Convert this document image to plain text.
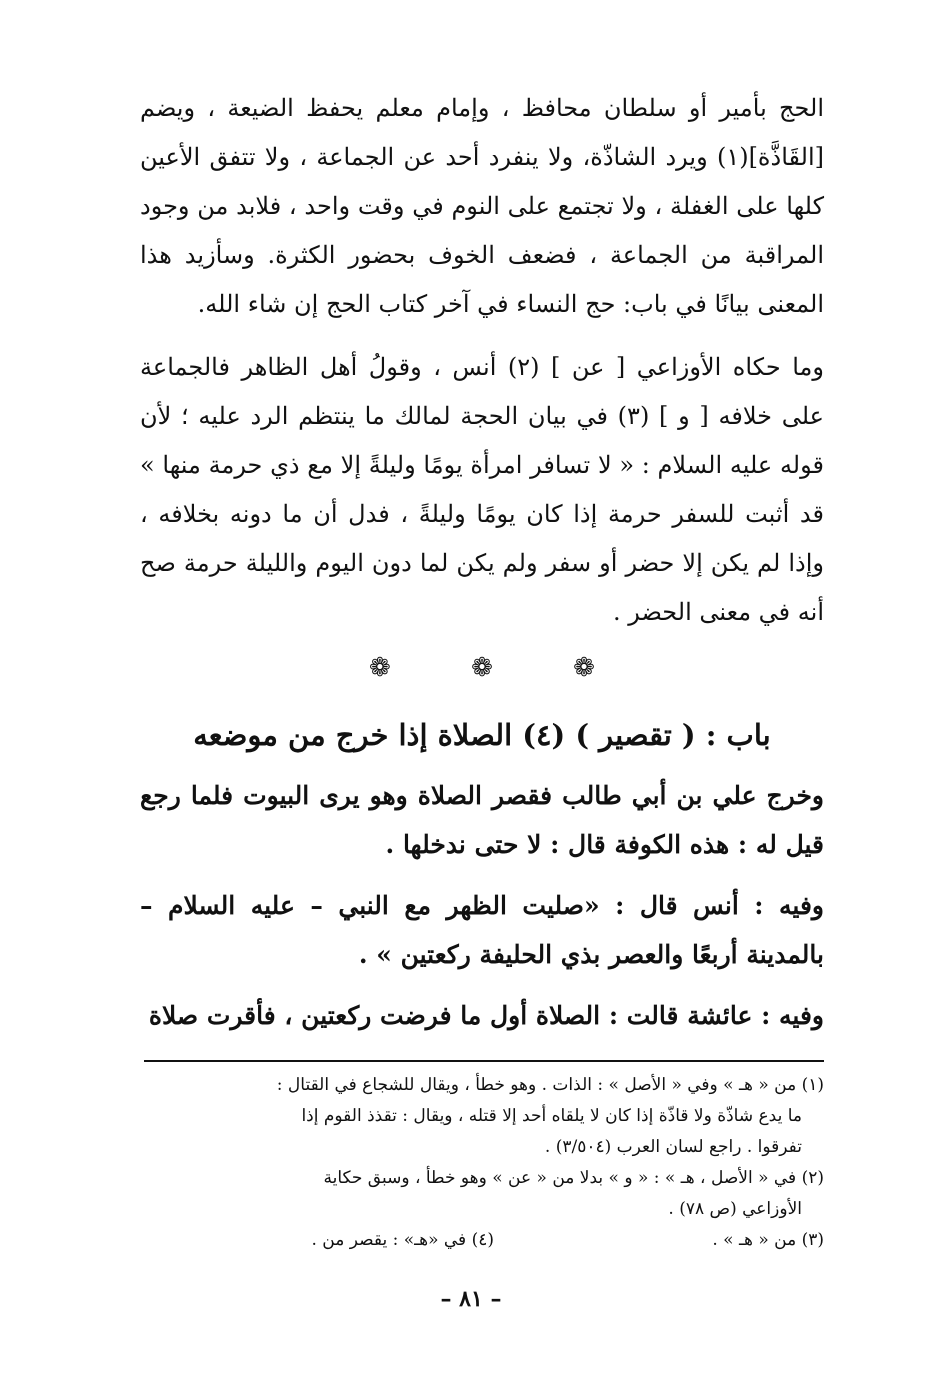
الحج بأمير أو سلطان محافظ ، وإمام معلم يحفظ الضيعة ، ويضم [القَاذَّة](١) ويرد الشاذّة، ولا ينفرد أحد عن الجماعة ، ولا تتفق الأعين كلها على الغفلة ، ولا تجتمع على النوم في وقت واحد ، فلابد من وجود المراقبة من الجماعة ، فضعف الخوف بحضور الكثرة. وسأزيد هذا المعنى بيانًا في باب: حج النساء في آخر كتاب الحج إن شاء الله.

وما حكاه الأوزاعي [ عن ] (٢) أنس ، وقولُ أهل الظاهر فالجماعة على خلافه [ و ] (٣) في بيان الحجة لمالك ما ينتظم الرد عليه ؛ لأن قوله عليه السلام : « لا تسافر امرأة يومًا وليلةً إلا مع ذي حرمة منها » قد أثبت للسفر حرمة إذا كان يومًا وليلةً ، فدل أن ما دونه بخلافه ، وإذا لم يكن إلا حضر أو سفر ولم يكن لما دون اليوم والليلة حرمة صح أنه في معنى الحضر .

❁	❁	❁
باب : ( تقصير ) (٤) الصلاة إذا خرج من موضعه

وخرج علي بن أبي طالب فقصر الصلاة وهو يرى البيوت فلما رجع قيل له : هذه الكوفة قال : لا حتى ندخلها .

وفيه : أنس قال : «صليت الظهر مع النبي – عليه السلام – بالمدينة أربعًا والعصر بذي الحليفة ركعتين » .

وفيه : عائشة قالت : الصلاة أول ما فرضت ركعتين ، فأقرت صلاة

(١) من « هـ » وفي « الأصل » : الذات . وهو خطأ ، ويقال للشجاع في القتال :
ما يدع شاذّة ولا قاذّة إذا كان لا يلقاه أحد إلا قتله ، ويقال : تقذذ القوم إذا
تفرقوا . راجع لسان العرب (٣/٥٠٤) .

(٢) في « الأصل ، هـ » : « و » بدلا من « عن » وهو خطأ ، وسبق حكاية
الأوزاعي (ص ٧٨) .

(٣) من « هـ » .
(٤) في «هـ» : يقصر من .
– ٨١ –
